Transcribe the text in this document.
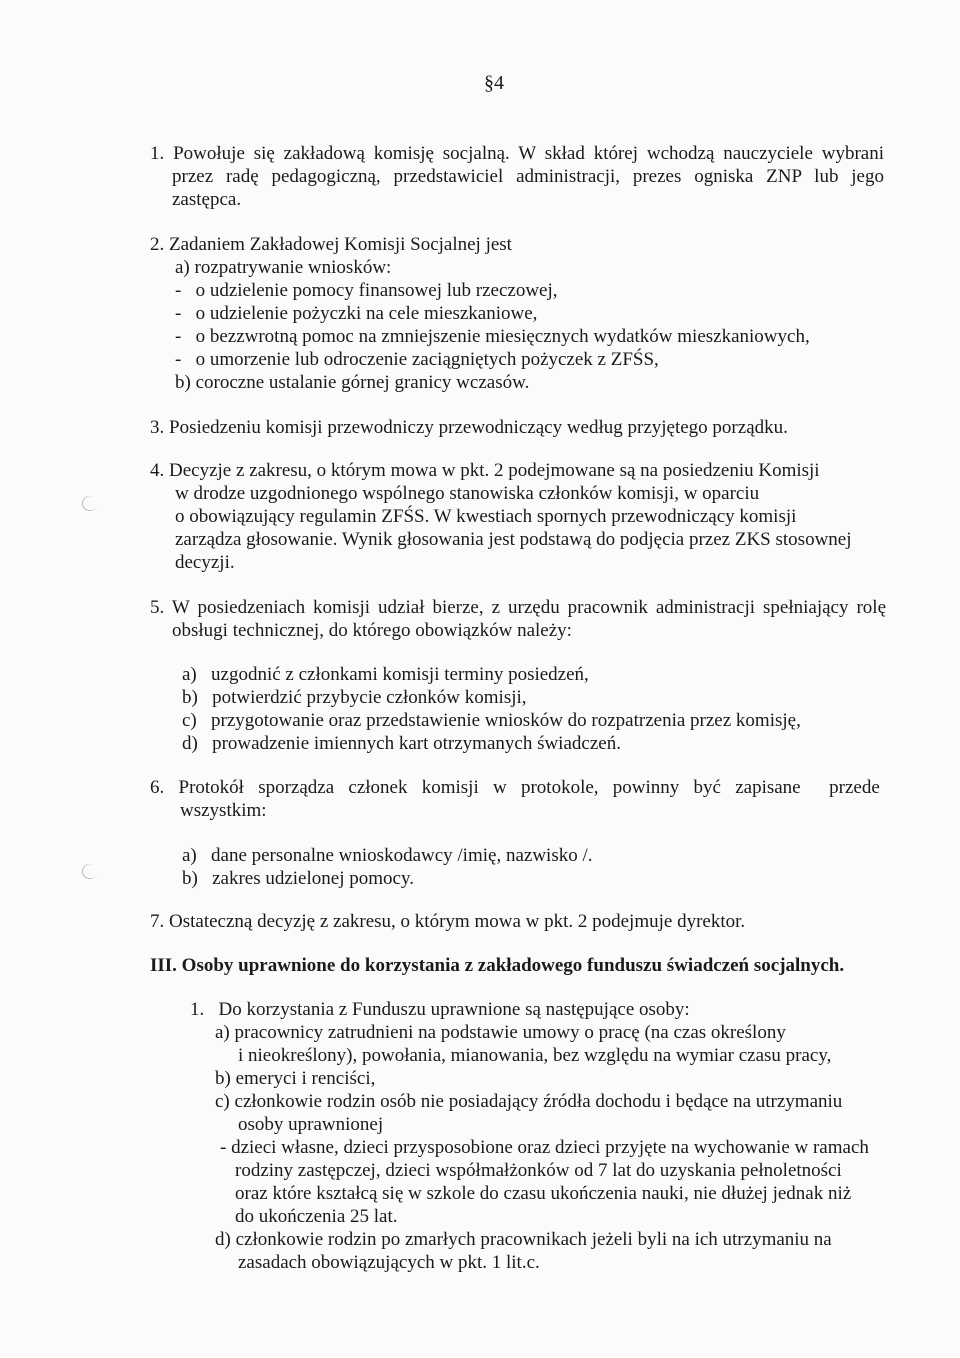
§4
1. Powołuje się zakładową komisję socjalną. W skład której wchodzą nauczyciele wybrani
przez radę pedagogiczną, przedstawiciel administracji, prezes ogniska ZNP lub jego
zastępca.
2. Zadaniem Zakładowej Komisji Socjalnej jest
a) rozpatrywanie wniosków:
-   o udzielenie pomocy finansowej lub rzeczowej,
-   o udzielenie pożyczki na cele mieszkaniowe,
-   o bezzwrotną pomoc na zmniejszenie miesięcznych wydatków mieszkaniowych,
-   o umorzenie lub odroczenie zaciągniętych pożyczek z ZFŚS,
b) coroczne ustalanie górnej granicy wczasów.
3. Posiedzeniu komisji przewodniczy przewodniczący według przyjętego porządku.
4. Decyzje z zakresu, o którym mowa w pkt. 2 podejmowane są na posiedzeniu Komisji
w drodze uzgodnionego wspólnego stanowiska członków komisji, w oparciu
o obowiązujący regulamin ZFŚS. W kwestiach spornych przewodniczący komisji
zarządza głosowanie. Wynik głosowania jest podstawą do podjęcia przez ZKS stosownej
decyzji.
5. W posiedzeniach komisji udział bierze, z urzędu pracownik administracji spełniający rolę
obsługi technicznej, do którego obowiązków należy:
a)   uzgodnić z członkami komisji terminy posiedzeń,
b)   potwierdzić przybycie członków komisji,
c)   przygotowanie oraz przedstawienie wniosków do rozpatrzenia przez komisję,
d)   prowadzenie imiennych kart otrzymanych świadczeń.
6.   Protokół   sporządza   członek   komisji   w   protokole,   powinny   być   zapisane      przede
wszystkim:
a)   dane personalne wnioskodawcy /imię, nazwisko /.
b)   zakres udzielonej pomocy.
7. Ostateczną decyzję z zakresu, o którym mowa w pkt. 2 podejmuje dyrektor.
III. Osoby uprawnione do korzystania z zakładowego funduszu świadczeń socjalnych.
1.   Do korzystania z Funduszu uprawnione są następujące osoby:
a) pracownicy zatrudnieni na podstawie umowy o pracę (na czas określony
i nieokreślony), powołania, mianowania, bez względu na wymiar czasu pracy,
b) emeryci i renciści,
c) członkowie rodzin osób nie posiadający źródła dochodu i będące na utrzymaniu
osoby uprawnionej
- dzieci własne, dzieci przysposobione oraz dzieci przyjęte na wychowanie w ramach
rodziny zastępczej, dzieci współmałżonków od 7 lat do uzyskania pełnoletności
oraz które kształcą się w szkole do czasu ukończenia nauki, nie dłużej jednak niż
do ukończenia 25 lat.
d) członkowie rodzin po zmarłych pracownikach jeżeli byli na ich utrzymaniu na
zasadach obowiązujących w pkt. 1 lit.c.
